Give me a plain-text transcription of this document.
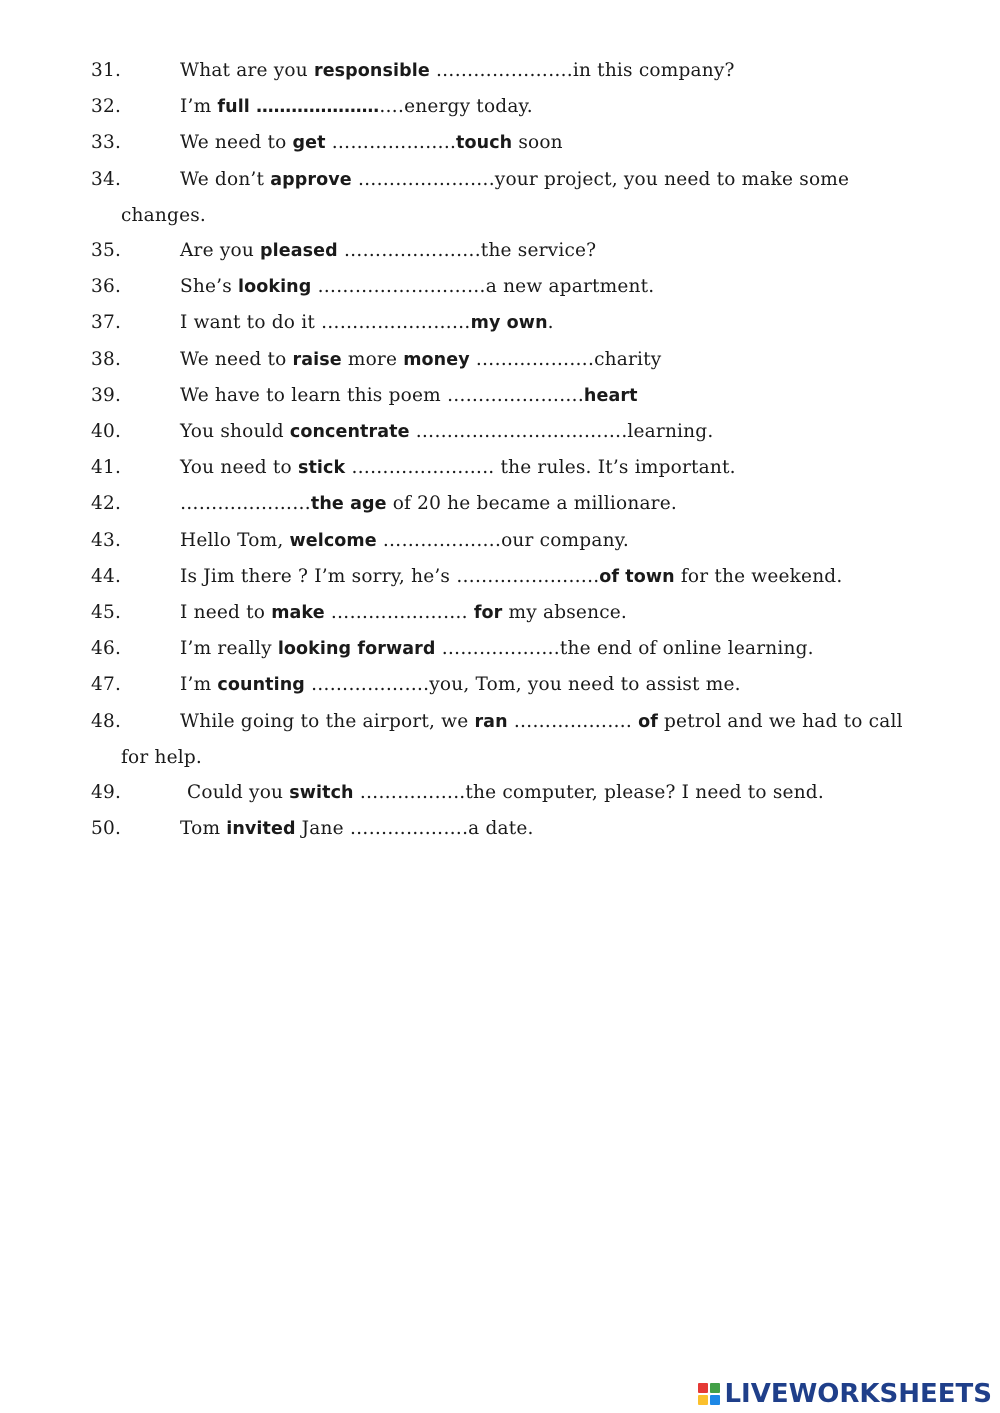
31.	What are you responsible ………………….in this company?
32.	I’m full …………………….energy today.
33.	We need to get ………………..touch soon
34.	We don’t approve ………………….your project, you need to make some changes.
35.	Are you pleased ………………….the service?
36.	She’s looking ………………………a new apartment.
37.	I want to do it ……………………my own.
38.	We need to raise more money ……………….charity
39.	We have to learn this poem ………………….heart
40.	You should concentrate …………………………….learning.
41.	You need to stick ………………….. the rules. It’s important.
42.	…………………the age of 20 he became a millionare.
43.	Hello Tom, welcome ……………….our company.
44.	Is Jim there ? I’m sorry, he’s …………………..of town for the weekend.
45.	I need to make …………………. for my absence.
46.	I’m really looking forward ……………….the end of online learning.
47.	I’m counting ……………….you, Tom, you need to assist me.
48.	While going to the airport, we ran ………………. of petrol and we had to call for help.
49.	Could you switch ……………..the computer, please? I need to send.
50.	Tom invited Jane ……………….a date.
LIVEWORKSHEETS
